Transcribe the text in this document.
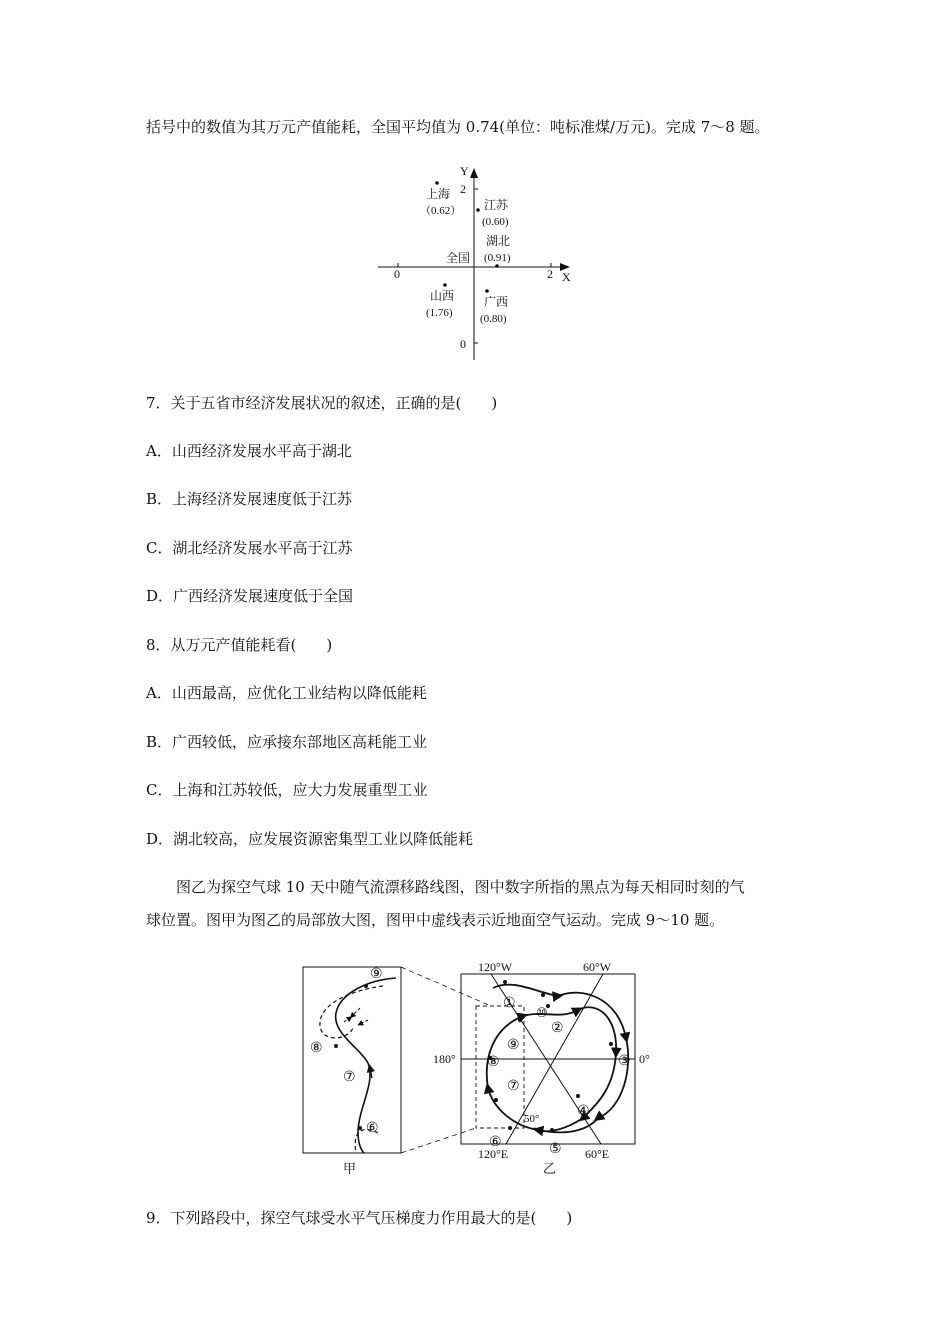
括号中的数值为其万元产值能耗，全国平均值为 0.74(单位：吨标准煤/万元)。完成 7～8 题。
Y
X
2
0
0	2
上海
（0.62） 江苏
(0.60)
湖北
(0.91)
全国
山西
(1.76)
广西
(0.80)
7．关于五省市经济发展状况的叙述，正确的是(　　)
A．山西经济发展水平高于湖北
B．上海经济发展速度低于江苏
C．湖北经济发展水平高于江苏
D．广西经济发展速度低于全国
8．从万元产值能耗看(　　)
A．山西最高，应优化工业结构以降低能耗
B．广西较低，应承接东部地区高耗能工业
C．上海和江苏较低，应大力发展重型工业
D．湖北较高，应发展资源密集型工业以降低能耗
图乙为探空气球 10 天中随气流漂移路线图，图中数字所指的黑点为每天相同时刻的气
球位置。图甲为图乙的局部放大图，图甲中虚线表示近地面空气运动。完成 9～10 题。
⑨
⑧
⑦
⑥
甲
①
⑩
②
③
④
⑤
⑥
⑦
⑧
⑨
120°W	60°W
180°	0°
120°E	60°E
50°
乙
9．下列路段中，探空气球受水平气压梯度力作用最大的是(　　)
